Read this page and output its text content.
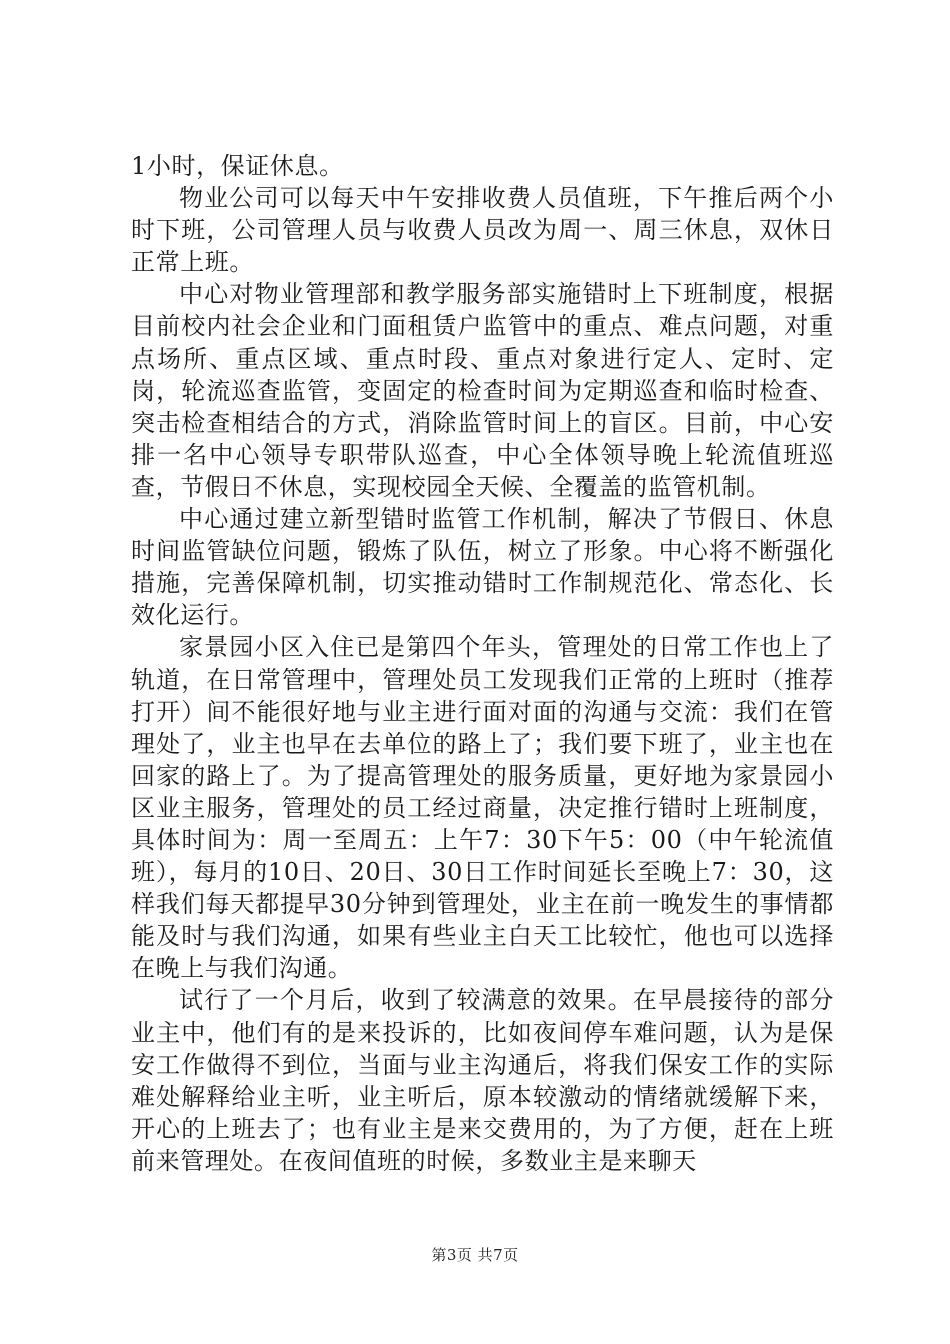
1小时，保证休息。

物业公司可以每天中午安排收费人员值班，下午推后两个小时下班，公司管理人员与收费人员改为周一、周三休息，双休日正常上班。

中心对物业管理部和教学服务部实施错时上下班制度，根据目前校内社会企业和门面租赁户监管中的重点、难点问题，对重点场所、重点区域、重点时段、重点对象进行定人、定时、定岗，轮流巡查监管，变固定的检查时间为定期巡查和临时检查、突击检查相结合的方式，消除监管时间上的盲区。目前，中心安排一名中心领导专职带队巡查，中心全体领导晚上轮流值班巡查，节假日不休息，实现校园全天候、全覆盖的监管机制。

中心通过建立新型错时监管工作机制，解决了节假日、休息时间监管缺位问题，锻炼了队伍，树立了形象。中心将不断强化措施，完善保障机制，切实推动错时工作制规范化、常态化、长效化运行。

家景园小区入住已是第四个年头，管理处的日常工作也上了轨道，在日常管理中，管理处员工发现我们正常的上班时（推荐打开）间不能很好地与业主进行面对面的沟通与交流：我们在管理处了，业主也早在去单位的路上了；我们要下班了，业主也在回家的路上了。为了提高管理处的服务质量，更好地为家景园小区业主服务，管理处的员工经过商量，决定推行错时上班制度，具体时间为：周一至周五：上午7：30下午5：00（中午轮流值班），每月的10日、20日、30日工作时间延长至晚上7：30，这样我们每天都提早30分钟到管理处，业主在前一晚发生的事情都能及时与我们沟通，如果有些业主白天工比较忙，他也可以选择在晚上与我们沟通。

试行了一个月后，收到了较满意的效果。在早晨接待的部分业主中，他们有的是来投诉的，比如夜间停车难问题，认为是保安工作做得不到位，当面与业主沟通后，将我们保安工作的实际难处解释给业主听，业主听后，原本较激动的情绪就缓解下来，开心的上班去了；也有业主是来交费用的，为了方便，赶在上班前来管理处。在夜间值班的时候，多数业主是来聊天

第3页 共7页
